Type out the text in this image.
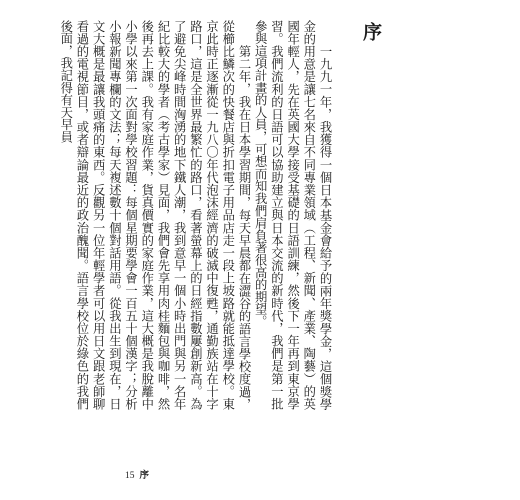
序

一九九一年，我獲得一個日本基金會給予的兩年獎學金，這個獎學金的用意是讓七名來自不同專業領域（工程、新聞、產業、陶藝）的英國年輕人，先在英國大學接受基礎的日語訓練，然後下一年再到東京學習。我們流利的日語可以協助建立與日本交流的新時代，我們是第一批參與這項計畫的人員，可想而知我們肩負著很高的期望。

第二年，我在日本學習期間，每天早晨都在澀谷的語言學校度過，從櫛比鱗次的快餐店與折扣電子用品店走一段上坡路就能抵達學校。東京此時正逐漸從一九八〇年代泡沫經濟的破滅中復甦，通勤族站在十字路口，這是全世界最繁忙的路口，看著螢幕上的日經指數屢創新高。為了避免尖峰時間洶湧的地下鐵人潮，我到意早一個小時出門與另一名年紀比較大的學者（考古學家）見面，我們會先享用肉桂麵包與咖啡，然後再去上課。我有家庭作業，貨真價實的家庭作業，這大概是我脫離中小學以來第一次面對學校習題：每個星期要學會一百五十個漢字；分析小報新聞專欄的文法；每天複述數十個對話用語。從我出生到現在，日文大概是最讓我頭痛的東西。反觀另一位年輕學者可以用日文跟老師聊看過的電視節目，或者辯論最近的政治醜聞。語言學校位於綠色的我們後面，我記得有天早員

15 序
